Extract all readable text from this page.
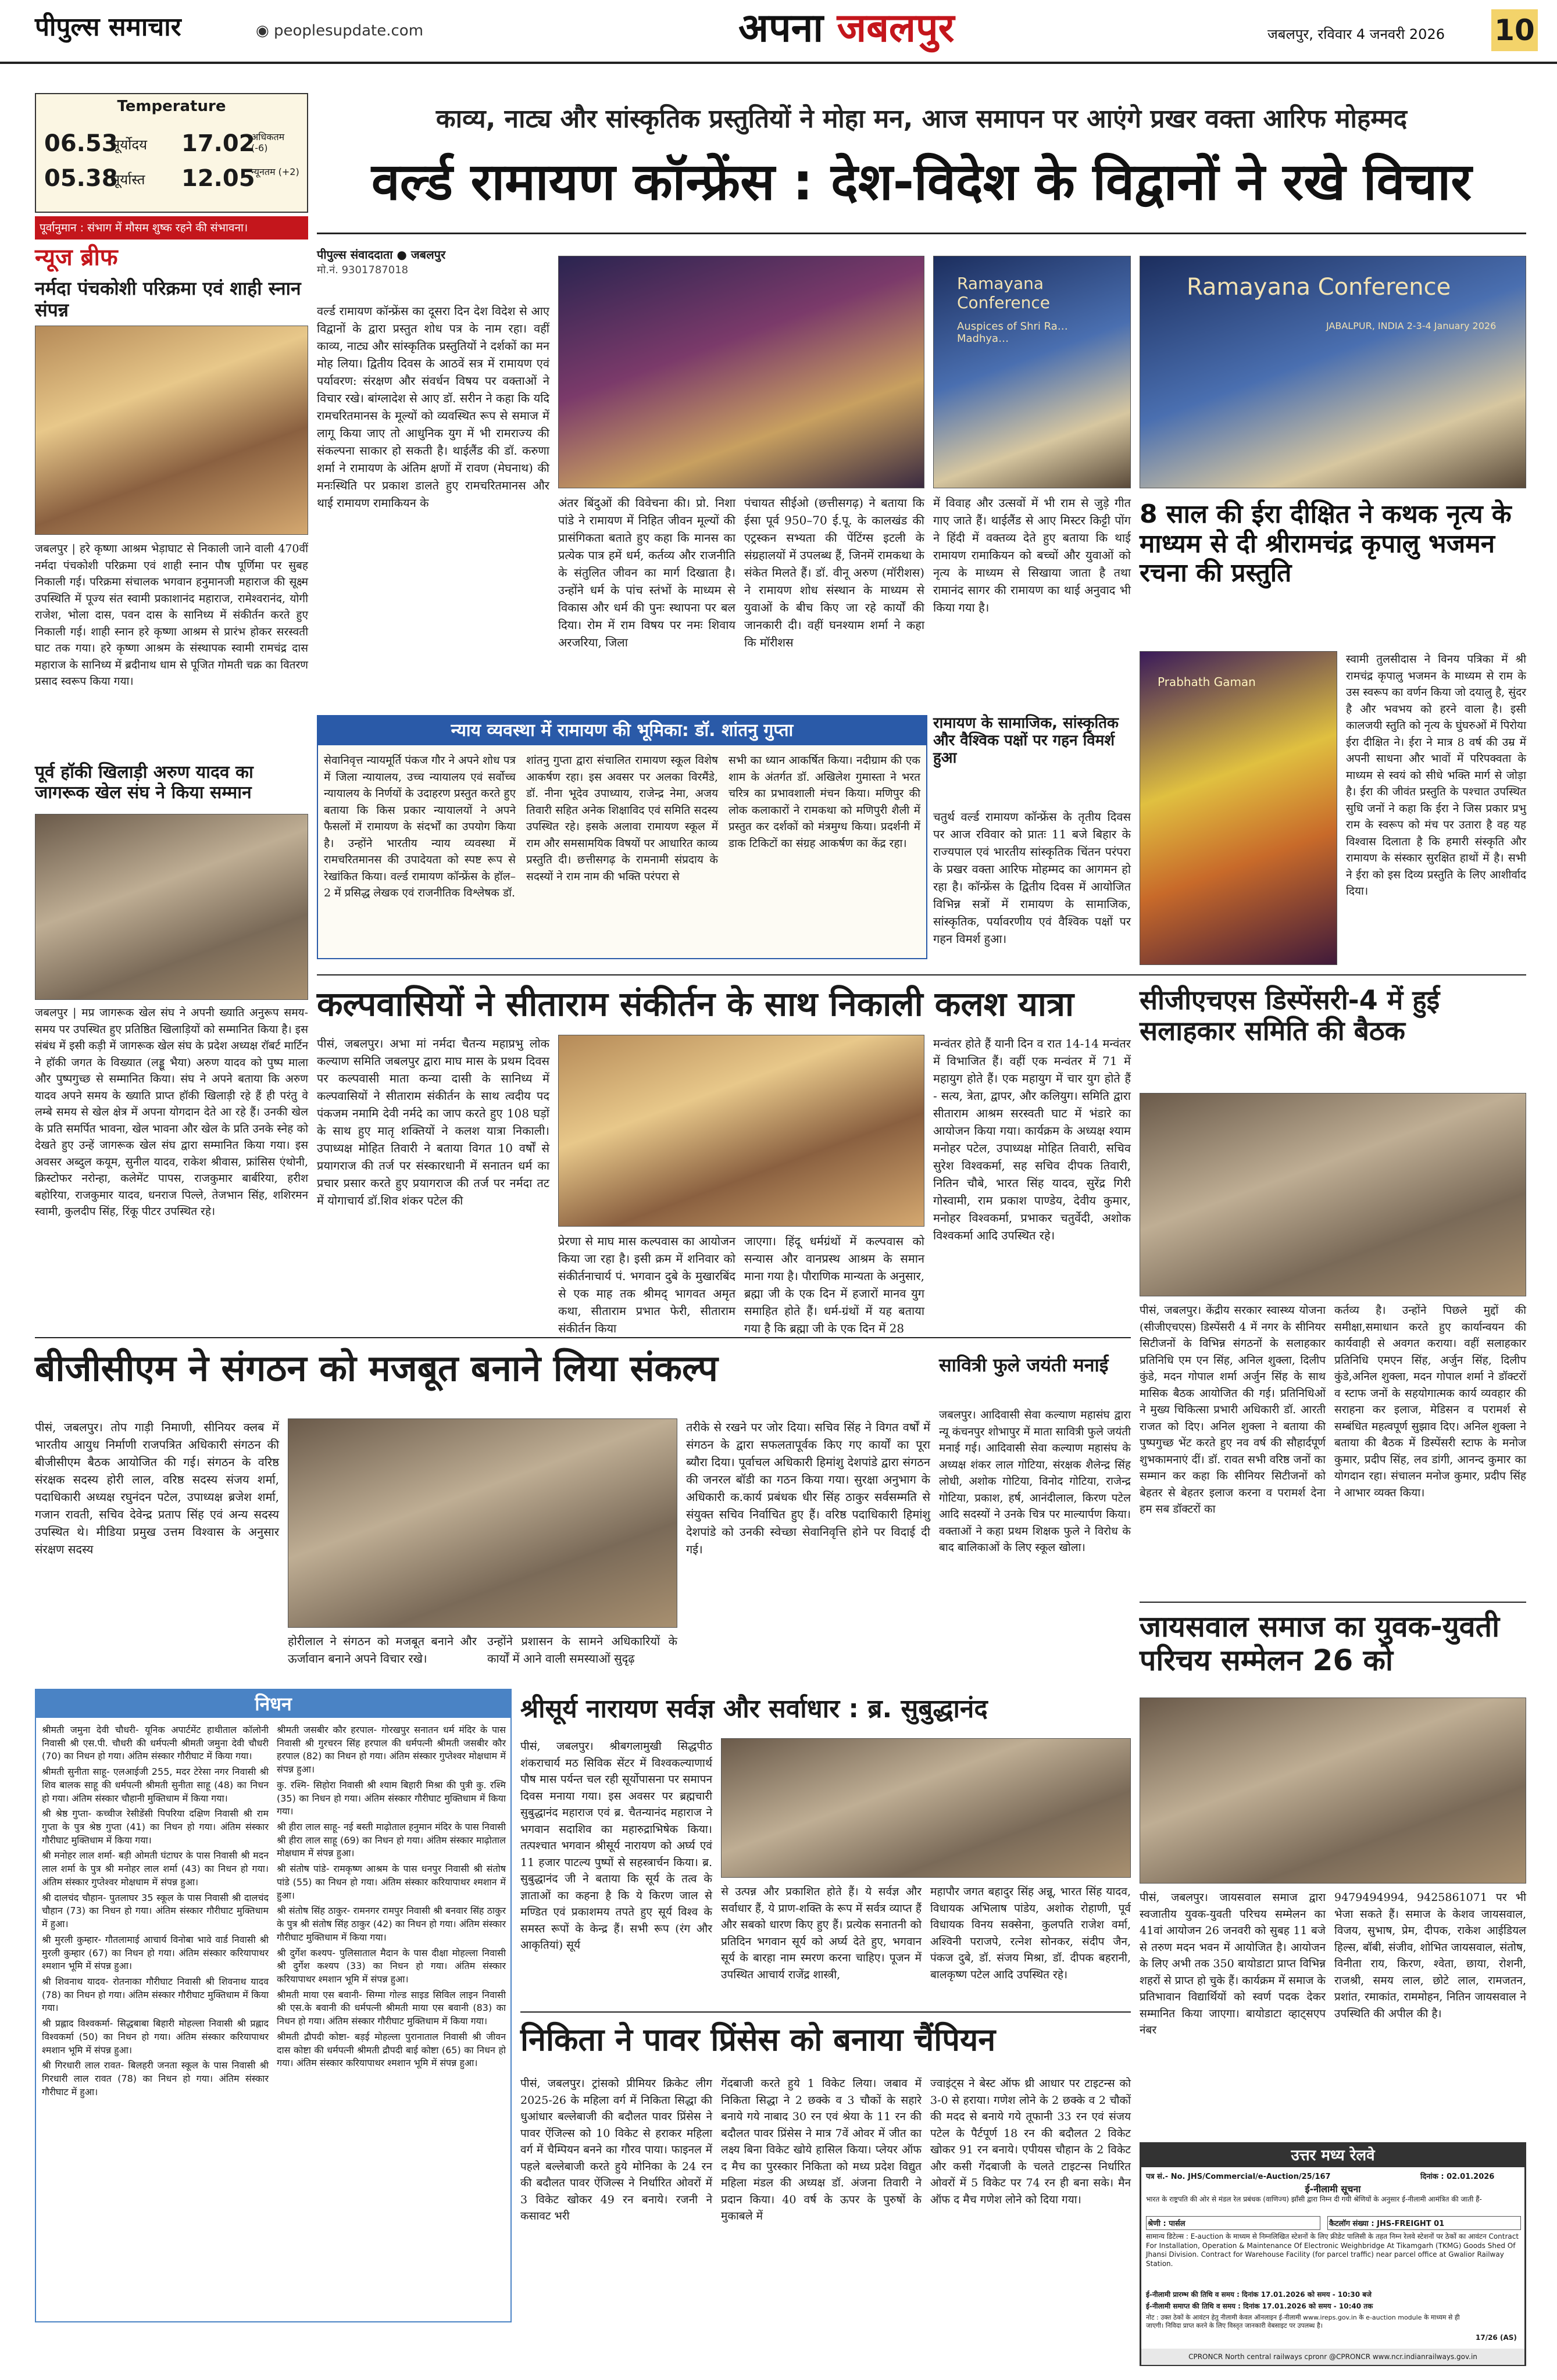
पीपुल्स समाचार	◉ peoplesupdate.com	अपना जबलपुर	जबलपुर, रविवार 4 जनवरी 2026 10
Temperature
06.53
सूर्योदय
05.38
सूर्यास्त
17.02
अधिकतम (-6)
12.05
न्यूनतम (+2)
पूर्वानुमान : संभाग में मौसम शुष्क रहने की संभावना।
न्यूज ब्रीफ
नर्मदा पंचकोशी परिक्रमा एवं शाही स्नान संपन्न
जबलपुर | हरे कृष्णा आश्रम भेड़ाघाट से निकाली जाने वाली 470वीं नर्मदा पंचकोशी परिक्रमा एवं शाही स्नान पौष पूर्णिमा पर सुबह निकाली गई। परिक्रमा संचालक भगवान हनुमानजी महाराज की सूक्ष्म उपस्थिति में पूज्य संत स्वामी प्रकाशानंद महाराज, रामेश्वरानंद, योगी राजेश, भोला दास, पवन दास के सानिध्य में संकीर्तन करते हुए निकाली गई। शाही स्नान हरे कृष्णा आश्रम से प्रारंभ होकर सरस्वती घाट तक गया। हरे कृष्णा आश्रम के संस्थापक स्वामी रामचंद्र दास महाराज के सानिध्य में ब्रदीनाथ धाम से पूजित गोमती चक्र का वितरण प्रसाद स्वरूप किया गया।
पूर्व हॉकी खिलाड़ी अरुण यादव का जागरूक खेल संघ ने किया सम्मान
जबलपुर | मप्र जागरूक खेल संघ ने अपनी ख्याति अनुरूप समय-समय पर उपस्थित हुए प्रतिष्ठित खिलाड़ियों को सम्मानित किया है। इस संबंध में इसी कड़ी में जागरूक खेल संघ के प्रदेश अध्यक्ष रॉबर्ट मार्टिन ने हॉकी जगत के विख्यात (लड्डू भैया) अरुण यादव को पुष्प माला और पुष्पगुच्छ से सम्मानित किया। संघ ने अपने बताया कि अरुण यादव अपने समय के ख्याति प्राप्त हॉकी खिलाड़ी रहे हैं ही परंतु वे लम्बे समय से खेल क्षेत्र में अपना योगदान देते आ रहे हैं। उनकी खेल के प्रति समर्पित भावना, खेल भावना और खेल के प्रति उनके स्नेह को देखते हुए उन्हें जागरूक खेल संघ द्वारा सम्मानित किया गया। इस अवसर अब्दुल कयूम, सुनील यादव, राकेश श्रीवास, फ्रांसिस एंथोनी, क्रिस्टोफर नरोन्हा, कलेमेंट पापस, राजकुमार बार्बरिया, हरीश बहोरिया, राजकुमार यादव, धनराज पिल्ले, तेजभान सिंह, शशिरमन स्वामी, कुलदीप सिंह, रिंकू पीटर उपस्थित रहे।
काव्य, नाट्य और सांस्कृतिक प्रस्तुतियों ने मोहा मन, आज समापन पर आएंगे प्रखर वक्ता आरिफ मोहम्मद
वर्ल्ड रामायण कॉन्फ्रेंस : देश-विदेश के विद्वानों ने रखे विचार
पीपुल्स संवाददाता ● जबलपुर
मो.नं. 9301787018
वर्ल्ड रामायण कॉन्फ्रेंस का दूसरा दिन देश विदेश से आए विद्वानों के द्वारा प्रस्तुत शोध पत्र के नाम रहा। वहीं काव्य, नाट्य और सांस्कृतिक प्रस्तुतियों ने दर्शकों का मन मोह लिया। द्वितीय दिवस के आठवें सत्र में रामायण एवं पर्यावरण: संरक्षण और संवर्धन विषय पर वक्ताओं ने विचार रखे। बांग्लादेश से आए डॉ. सरीन ने कहा कि यदि रामचरितमानस के मूल्यों को व्यवस्थित रूप से समाज में लागू किया जाए तो आधुनिक युग में भी रामराज्य की संकल्पना साकार हो सकती है। थाईलैंड की डॉ. करुणा शर्मा ने रामायण के अंतिम क्षणों में रावण (मेघनाथ) की मनःस्थिति पर प्रकाश डालते हुए रामचरितमानस और थाई रामायण रामाकियन के
Ramayana Conference
Auspices of Shri Ra… Madhya…
Ramayana Conference
JABALPUR, INDIA 2-3-4 January 2026
अंतर बिंदुओं की विवेचना की। प्रो. निशा पांडे ने रामायण में निहित जीवन मूल्यों की प्रासंगिकता बताते हुए कहा कि मानस का प्रत्येक पात्र हमें धर्म, कर्तव्य और राजनीति के संतुलित जीवन का मार्ग दिखाता है। उन्होंने धर्म के पांच स्तंभों के माध्यम से विकास और धर्म की पुनः स्थापना पर बल दिया। रोम में राम विषय पर नमः शिवाय अरजरिया, जिला
पंचायत सीईओ (छत्तीसगढ़) ने बताया कि ईसा पूर्व 950–70 ई.पू. के कालखंड की एट्रस्कन सभ्यता की पेंटिंग्स इटली के संग्रहालयों में उपलब्ध हैं, जिनमें रामकथा के संकेत मिलते हैं। डॉ. वीनू अरुण (मॉरीशस) ने रामायण शोध संस्थान के माध्यम से युवाओं के बीच किए जा रहे कार्यों की जानकारी दी। वहीं घनश्याम शर्मा ने कहा कि मॉरीशस
में विवाह और उत्सवों में भी राम से जुड़े गीत गाए जाते हैं। थाईलैंड से आए मिस्टर किट्टी पोंग ने हिंदी में वक्तव्य देते हुए बताया कि थाई रामायण रामाकियन को बच्चों और युवाओं को नृत्य के माध्यम से सिखाया जाता है तथा रामानंद सागर की रामायण का थाई अनुवाद भी किया गया है।
न्याय व्यवस्था में रामायण की भूमिका: डॉ. शांतनु गुप्ता
सेवानिवृत्त न्यायमूर्ति पंकज गौर ने अपने शोध पत्र में जिला न्यायालय, उच्च न्यायालय एवं सर्वोच्च न्यायालय के निर्णयों के उदाहरण प्रस्तुत करते हुए बताया कि किस प्रकार न्यायालयों ने अपने फैसलों में रामायण के संदर्भों का उपयोग किया है। उन्होंने भारतीय न्याय व्यवस्था में रामचरितमानस की उपादेयता को स्पष्ट रूप से रेखांकित किया। वर्ल्ड रामायण कॉन्फ्रेंस के हॉल–2 में प्रसिद्ध लेखक एवं राजनीतिक विश्लेषक डॉ.
शांतनु गुप्ता द्वारा संचालित रामायण स्कूल विशेष आकर्षण रहा। इस अवसर पर अलका विरमैंडे, डॉ. नीना भूदेव उपाध्याय, राजेन्द्र नेमा, अजय तिवारी सहित अनेक शिक्षाविद एवं समिति सदस्य उपस्थित रहे। इसके अलावा रामायण स्कूल में राम और समसामयिक विषयों पर आधारित काव्य प्रस्तुति दी। छत्तीसगढ़ के रामनामी संप्रदाय के सदस्यों ने राम नाम की भक्ति परंपरा से
सभी का ध्यान आकर्षित किया। नदीग्राम की एक शाम के अंतर्गत डॉ. अखिलेश गुमास्ता ने भरत चरित्र का प्रभावशाली मंचन किया। मणिपुर की लोक कलाकारों ने रामकथा को मणिपुरी शैली में प्रस्तुत कर दर्शकों को मंत्रमुग्ध किया। प्रदर्शनी में डाक टिकिटों का संग्रह आकर्षण का केंद्र रहा।
रामायण के सामाजिक, सांस्कृतिक और वैश्विक पक्षों पर गहन विमर्श हुआ
चतुर्थ वर्ल्ड रामायण कॉन्फ्रेंस के तृतीय दिवस पर आज रविवार को प्रातः 11 बजे बिहार के राज्यपाल एवं भारतीय सांस्कृतिक चिंतन परंपरा के प्रखर वक्ता आरिफ मोहम्मद का आगमन हो रहा है। कॉन्फ्रेंस के द्वितीय दिवस में आयोजित विभिन्न सत्रों में रामायण के सामाजिक, सांस्कृतिक, पर्यावरणीय एवं वैश्विक पक्षों पर गहन विमर्श हुआ।
8 साल की ईरा दीक्षित ने कथक नृत्य के माध्यम से दी श्रीरामचंद्र कृपालु भजमन रचना की प्रस्तुति
Prabhath Gaman
स्वामी तुलसीदास ने विनय पत्रिका में श्री रामचंद्र कृपालु भजमन के माध्यम से राम के उस स्वरूप का वर्णन किया जो दयालु है, सुंदर है और भवभय को हरने वाला है। इसी कालजयी स्तुति को नृत्य के घुंघरुओं में पिरोया ईरा दीक्षित ने। ईरा ने मात्र 8 वर्ष की उम्र में अपनी साधना और भावों में परिपक्वता के माध्यम से स्वयं को सीधे भक्ति मार्ग से जोड़ा है। ईरा की जीवंत प्रस्तुति के पश्चात उपस्थित सुधि जनों ने कहा कि ईरा ने जिस प्रकार प्रभु राम के स्वरूप को मंच पर उतारा है वह यह विश्वास दिलाता है कि हमारी संस्कृति और रामायण के संस्कार सुरक्षित हाथों में है। सभी ने ईरा को इस दिव्य प्रस्तुति के लिए आशीर्वाद दिया।
कल्पवासियों ने सीताराम संकीर्तन के साथ निकाली कलश यात्रा
पीसं, जबलपुर। अभा मां नर्मदा चैतन्य महाप्रभु लोक कल्याण समिति जबलपुर द्वारा माघ मास के प्रथम दिवस पर कल्पवासी माता कन्या दासी के सानिध्य में कल्पवासियों ने सीताराम संकीर्तन के साथ त्वदीय पद पंकजम नमामि देवी नर्मदे का जाप करते हुए 108 घड़ों के साथ हुए मातृ शक्तियों ने कलश यात्रा निकाली। उपाध्यक्ष मोहित तिवारी ने बताया विगत 10 वर्षों से प्रयागराज की तर्ज पर संस्कारधानी में सनातन धर्म का प्रचार प्रसार करते हुए प्रयागराज की तर्ज पर नर्मदा तट में योगाचार्य डॉ.शिव शंकर पटेल की
प्रेरणा से माघ मास कल्पवास का आयोजन किया जा रहा है। इसी क्रम में शनिवार को संकीर्तनाचार्य पं. भगवान दुबे के मुखारबिंद से एक माह तक श्रीमद् भागवत अमृत कथा, सीताराम प्रभात फेरी, सीताराम संकीर्तन किया
जाएगा। हिंदू धर्मग्रंथों में कल्पवास को सन्यास और वानप्रस्थ आश्रम के समान माना गया है। पौराणिक मान्यता के अनुसार, ब्रह्मा जी के एक दिन में हजारों मानव युग समाहित होते हैं। धर्म-ग्रंथों में यह बताया गया है कि ब्रह्मा जी के एक दिन में 28
मन्वंतर होते हैं यानी दिन व रात 14-14 मन्वंतर में विभाजित हैं। वहीं एक मन्वंतर में 71 में महायुग होते हैं। एक महायुग में चार युग होते हैं - सत्य, त्रेता, द्वापर, और कलियुग। समिति द्वारा सीताराम आश्रम सरस्वती घाट में भंडारे का आयोजन किया गया। कार्यक्रम के अध्यक्ष श्याम मनोहर पटेल, उपाध्यक्ष मोहित तिवारी, सचिव सुरेश विश्वकर्मा, सह सचिव दीपक तिवारी, नितिन चौबे, भारत सिंह यादव, सुरेंद्र गिरी गोस्वामी, राम प्रकाश पाण्डेय, देवीय कुमार, मनोहर विश्वकर्मा, प्रभाकर चतुर्वेदी, अशोक विश्वकर्मा आदि उपस्थित रहे।
सीजीएचएस डिस्पेंसरी-4 में हुई सलाहकार समिति की बैठक
पीसं, जबलपुर। केंद्रीय सरकार स्वास्थ्य योजना (सीजीएचएस) डिस्पेंसरी 4 में नगर के सीनियर सिटीजनों के विभिन्न संगठनों के सलाहकार प्रतिनिधि एम एन सिंह, अनिल शुक्ला, दिलीप कुंडे, मदन गोपाल शर्मा अर्जुन सिंह के साथ मासिक बैठक आयोजित की गई। प्रतिनिधिओं ने मुख्य चिकित्सा प्रभारी अधिकारी डॉ. आरती राजत को दिए। अनिल शुक्ला ने बताया की पुष्पगुच्छ भेंट करते हुए नव वर्ष की सौहार्दपूर्ण शुभकामनाएं दीं। डॉ. रावत सभी वरिष्ठ जनों का सम्मान कर कहा कि सीनियर सिटीजनों को बेहतर से बेहतर इलाज करना व परामर्श देना हम सब डॉक्टरों का
कर्तव्य है। उन्होंने पिछले मुद्दों की समीक्षा,समाधान करते हुए कार्यान्वयन की कार्यवाही से अवगत कराया। वहीं सलाहकार प्रतिनिधि एमएन सिंह, अर्जुन सिंह, दिलीप कुंडे,अनिल शुक्ला, मदन गोपाल शर्मा ने डॉक्टरों व स्टाफ जनों के सहयोगात्मक कार्य व्यवहार की सराहना कर इलाज, मेडिसन व परामर्श से सम्बंधित महत्वपूर्ण सुझाव दिए। अनिल शुक्ला ने बताया की बैठक में डिस्पेंसरी स्टाफ के मनोज कुमार, प्रदीप सिंह, लव डांगी, आनन्द कुमार का योगदान रहा। संचालन मनोज कुमार, प्रदीप सिंह ने आभार व्यक्त किया।
बीजीसीएम ने संगठन को मजबूत बनाने लिया संकल्प
पीसं, जबलपुर। तोप गाड़ी निमाणी, सीनियर क्लब में भारतीय आयुध निर्माणी राजपत्रित अधिकारी संगठन की बीजीसीएम बैठक आयोजित की गई। संगठन के वरिष्ठ संरक्षक सदस्य होरी लाल, वरिष्ठ सदस्य संजय शर्मा, पदाधिकारी अध्यक्ष रघुनंदन पटेल, उपाध्यक्ष ब्रजेश शर्मा, गजान रावती, सचिव देवेन्द्र प्रताप सिंह एवं अन्य सदस्य उपस्थित थे। मीडिया प्रमुख उत्तम विश्वास के अनुसार संरक्षण सदस्य
होरीलाल ने संगठन को मजबूत बनाने और ऊर्जावान बनाने अपने विचार रखे।
उन्होंने प्रशासन के सामने अधिकारियों के कार्यों में आने वाली समस्याओं सुदृढ़
तरीके से रखने पर जोर दिया। सचिव सिंह ने विगत वर्षों में संगठन के द्वारा सफलतापूर्वक किए गए कार्यों का पूरा ब्यौरा दिया। पूर्वाचल अधिकारी हिमांशु देशपांडे द्वारा संगठन की जनरल बॉडी का गठन किया गया। सुरक्षा अनुभाग के अधिकारी क.कार्य प्रबंधक धीर सिंह ठाकुर सर्वसम्मति से संयुक्त सचिव निर्वाचित हुए हैं। वरिष्ठ पदाधिकारी हिमांशु देशपांडे को उनकी स्वेच्छा सेवानिवृत्ति होने पर विदाई दी गई।
सावित्री फुले जयंती मनाई
जबलपुर। आदिवासी सेवा कल्याण महासंघ द्वारा न्यू कंचनपुर शोभापुर में माता सावित्री फुले जयंती मनाई गई। आदिवासी सेवा कल्याण महासंघ के अध्यक्ष शंकर लाल गोटिया, संरक्षक शैलेन्द्र सिंह लोधी, अशोक गोटिया, विनोद गोटिया, राजेन्द्र गोटिया, प्रकाश, हर्ष, आनंदीलाल, किरण पटेल आदि सदस्यों ने उनके चित्र पर माल्यार्पण किया। वक्ताओं ने कहा प्रथम शिक्षक फुले ने विरोध के बाद बालिकाओं के लिए स्कूल खोला।
जायसवाल समाज का युवक-युवती परिचय सम्मेलन 26 को
पीसं, जबलपुर। जायसवाल समाज द्वारा स्वजातीय युवक-युवती परिचय सम्मेलन का 41वां आयोजन 26 जनवरी को सुबह 11 बजे से तरुण मदन भवन में आयोजित है। आयोजन के लिए अभी तक 350 बायोडाटा प्राप्त विभिन्न शहरों से प्राप्त हो चुके हैं। कार्यक्रम में समाज के प्रतिभावान विद्यार्थियों को स्वर्ण पदक देकर सम्मानित किया जाएगा। बायोडाटा व्हाट्सएप नंबर
9479494994, 9425861071 पर भी भेजा सकते हैं। समाज के केशव जायसवाल, विजय, सुभाष, प्रेम, दीपक, राकेश आईडियल हिल्स, बॉबी, संजीव, शोभित जायसवाल, संतोष, विनीता राय, किरण, श्वेता, छाया, रोशनी, राजश्री, समय लाल, छोटे लाल, रामजतन, प्रशांत, रमाकांत, राममोहन, नितिन जायसवाल ने उपस्थिति की अपील की है।
निधन
श्रीमती जमुना देवी चौधरी- यूनिक अपार्टमेंट हाथीताल कॉलोनी निवासी श्री एस.पी. चौधरी की धर्मपत्नी श्रीमती जमुना देवी चौधरी (70) का निधन हो गया। अंतिम संस्कार गौरीघाट में किया गया।
श्रीमती सुनीता साहू- एलआईजी 255, मदर टेरेसा नगर निवासी श्री शिव बालक साहू की धर्मपत्नी श्रीमती सुनीता साहू (48) का निधन हो गया। अंतिम संस्कार चौहानी मुक्तिधाम में किया गया।
श्री श्रेष्ठ गुप्ता- कच्चीज रेसीडेंसी पिपरिया दक्षिण निवासी श्री राम गुप्ता के पुत्र श्रेष्ठ गुप्ता (41) का निधन हो गया। अंतिम संस्कार गौरीघाट मुक्तिधाम में किया गया।
श्री मनोहर लाल शर्मा- बड़ी ओमती घंटाघर के पास निवासी श्री मदन लाल शर्मा के पुत्र श्री मनोहर लाल शर्मा (43) का निधन हो गया। अंतिम संस्कार गुप्तेश्वर मोक्षधाम में संपन्न हुआ।
श्री दालचंद चौहान- पुतलाघर 35 स्कूल के पास निवासी श्री दालचंद चौहान (73) का निधन हो गया। अंतिम संस्कार गौरीघाट मुक्तिधाम में हुआ।
श्री मुरली कुम्हार- गौतलामाई आचार्य विनोबा भावे वार्ड निवासी श्री मुरली कुम्हार (67) का निधन हो गया। अंतिम संस्कार करियापाथर श्मशान भूमि में संपन्न हुआ।
श्री शिवनाथ यादव- रोतनाका गौरीघाट निवासी श्री शिवनाथ यादव (78) का निधन हो गया। अंतिम संस्कार गौरीघाट मुक्तिधाम में किया गया।
श्री प्रह्लाद विश्वकर्मा- सिद्धबाबा बिहारी मोहल्ला निवासी श्री प्रह्लाद विश्वकर्मा (50) का निधन हो गया। अंतिम संस्कार करियापाथर श्मशान भूमि में संपन्न हुआ।
श्री गिरधारी लाल रावत- बिलहरी जनता स्कूल के पास निवासी श्री गिरधारी लाल रावत (78) का निधन हो गया। अंतिम संस्कार गौरीघाट में हुआ।
श्रीमती जसबीर कौर हरपाल- गोरखपुर सनातन धर्म मंदिर के पास निवासी श्री गुरचरन सिंह हरपाल की धर्मपत्नी श्रीमती जसबीर कौर हरपाल (82) का निधन हो गया। अंतिम संस्कार गुप्तेश्वर मोक्षधाम में संपन्न हुआ।
कु. रश्मि- सिहोरा निवासी श्री श्याम बिहारी मिश्रा की पुत्री कु. रश्मि (35) का निधन हो गया। अंतिम संस्कार गौरीघाट मुक्तिधाम में किया गया।
श्री हीरा लाल साहू- नई बस्ती माढ़ोताल हनुमान मंदिर के पास निवासी श्री हीरा लाल साहू (69) का निधन हो गया। अंतिम संस्कार माढ़ोताल मोक्षधाम में संपन्न हुआ।
श्री संतोष पांडे- रामकृष्ण आश्रम के पास धनपुर निवासी श्री संतोष पांडे (55) का निधन हो गया। अंतिम संस्कार करियापाथर श्मशान में हुआ।
श्री संतोष सिंह ठाकुर- रामनगर रामपुर निवासी श्री बनवार सिंह ठाकुर के पुत्र श्री संतोष सिंह ठाकुर (42) का निधन हो गया। अंतिम संस्कार गौरीघाट मुक्तिधाम में किया गया।
श्री दुर्गेश कश्यप- पुलिसाताल मैदान के पास दीक्षा मोहल्ला निवासी श्री दुर्गेश कश्यप (33) का निधन हो गया। अंतिम संस्कार करियापाथर श्मशान भूमि में संपन्न हुआ।
श्रीमती माया एस बवानी- सिग्मा गोल्ड साइड सिविल लाइन निवासी श्री एस.के बवानी की धर्मपत्नी श्रीमती माया एस बवानी (83) का निधन हो गया। अंतिम संस्कार गौरीघाट मुक्तिधाम में किया गया।
श्रीमती द्रौपदी कोष्टा- बड़ई मोहल्ला पुरानाताल निवासी श्री जीवन दास कोष्टा की धर्मपत्नी श्रीमती द्रौपदी बाई कोष्टा (65) का निधन हो गया। अंतिम संस्कार करियापाथर श्मशान भूमि में संपन्न हुआ।
श्रीसूर्य नारायण सर्वज्ञ और सर्वाधार : ब्र. सुबुद्धानंद
पीसं, जबलपुर। श्रीबगलामुखी सिद्धपीठ शंकराचार्य मठ सिविक सेंटर में विश्वकल्याणार्थ पौष मास पर्यन्त चल रही सूर्योपासना पर समापन दिवस मनाया गया। इस अवसर पर ब्रह्मचारी सुबुद्धानंद महाराज एवं ब्र. चैतन्यानंद महाराज ने भगवान सदाशिव का महारुद्राभिषेक किया। तत्पश्चात भगवान श्रीसूर्य नारायण को अर्घ्य एवं 11 हजार पाटल्य पुष्पों से सहस्त्रार्चन किया। ब्र. सुबुद्धानंद जी ने बताया कि सूर्य के तत्व के ज्ञाताओं का कहना है कि ये किरण जाल से मण्डित एवं प्रकाशमय तपते हुए सूर्य विश्व के समस्त रूपों के केन्द्र हैं। सभी रूप (रंग और आकृतियां) सूर्य
से उत्पन्न और प्रकाशित होते हैं। ये सर्वज्ञ और सर्वाधार हैं, ये प्राण-शक्ति के रूप में सर्वत्र व्याप्त हैं और सबको धारण किए हुए हैं। प्रत्येक सनातनी को प्रतिदिन भगवान सूर्य को अर्घ्य देते हुए, भगवान सूर्य के बारहा नाम स्मरण करना चाहिए। पूजन में उपस्थित आचार्य राजेंद्र शास्त्री,
महापौर जगत बहादुर सिंह अन्नू, भारत सिंह यादव, विधायक अभिलाष पांडेय, अशोक रोहाणी, पूर्व विधायक विनय सक्सेना, कुलपति राजेश वर्मा, अश्विनी पराजपे, रत्नेश सोनकर, संदीप जैन, पंकज दुबे, डॉ. संजय मिश्रा, डॉ. दीपक बहरानी, बालकृष्ण पटेल आदि उपस्थित रहे।
निकिता ने पावर प्रिंसेस को बनाया चैंपियन
पीसं, जबलपुर। ट्रांसको प्रीमियर क्रिकेट लीग 2025-26 के महिला वर्ग में निकिता सिद्धा की धुआंधार बल्लेबाजी की बदौलत पावर प्रिंसेस ने पावर ऐंजिल्स को 10 विकेट से हराकर महिला वर्ग में चैम्पियन बनने का गौरव पाया। फाइनल में पहले बल्लेबाजी करते हुये मोनिका के 24 रन की बदौलत पावर ऐंजिल्स ने निर्धारित ओवरों में 3 विकेट खोकर 49 रन बनाये। रजनी ने कसावट भरी
गेंदबाजी करते हुये 1 विकेट लिया। जबाव में निकिता सिद्धा ने 2 छक्के व 3 चौकों के सहारे बनाये गये नाबाद 30 रन एवं श्रेया के 11 रन की बदौलत पावर प्रिंसेस ने मात्र 7वें ओवर में जीत का लक्ष्य बिना विकेट खोये हासिल किया। प्लेयर ऑफ द मैच का पुरस्कार निकिता को मध्य प्रदेश विद्युत महिला मंडल की अध्यक्ष डॉ. अंजना तिवारी ने प्रदान किया। 40 वर्ष के ऊपर के पुरुषों के मुकाबले में
ज्वाइंट्स ने बेस्ट ऑफ थ्री आधार पर टाइटन्स को 3-0 से हराया। गणेश लोने के 2 छक्के व 2 चौकों की मदद से बनाये गये तूफानी 33 रन एवं संजय पटेल के पैर्टपूर्ण 18 रन की बदौलत 2 विकेट खोकर 91 रन बनाये। एपीयस चौहान के 2 विकेट और कसी गेंदबाजी के चलते टाइटन्स निर्धारित ओवरों में 5 विकेट पर 74 रन ही बना सके। मैन ऑफ द मैच गणेश लोने को दिया गया।
उत्तर मध्य रेलवे
पत्र सं.- No. JHS/Commercial/e-Auction/25/167	दिनांक : 02.01.2026
ई-नीलामी सूचना
भारत के राष्ट्रपति की ओर से मंडल रेल प्रबंधक (वाणिज्य) झाँसी द्वारा निम्न दी गयी श्रेणियों के अनुसार ई-नीलामी आमंत्रित की जाती हैं-
श्रेणी : पार्सल	कैटलॉग संख्या : JHS-FREIGHT 01
सामान्य डिटेल्स : E-auction के माध्यम से निम्नलिखित स्टेशनों के लिए फ्रीडेट पालिसी के तहत निम्न रेलवे स्टेशनों पर ठेकों का आवंटन Contract For Installation, Operation & Maintenance Of Electronic Weighbridge At Tikamgarh (TKMG) Goods Shed Of Jhansi Division. Contract for Warehouse Facility (for parcel traffic) near parcel office at Gwalior Railway Station.
ई-नीलामी प्रारम्भ की तिथि व समय : दिनांक 17.01.2026 को समय - 10:30 बजे
ई-नीलामी समाप्त की तिथि व समय : दिनांक 17.01.2026 को समय - 10:40 तक
नोट : उक्त ठेकों के आवंटन हेतु नीलामी केवल ऑनलाइन ई-नीलामी www.ireps.gov.in के e-auction module के माध्यम से ही जाएगी। निविदा प्राप्त करने के लिए विस्तृत जानकारी वेबसाइट पर उपलब्ध है।
17/26 (AS)
CPRONCR North central railways cpronr @CPRONCR www.ncr.indianrailways.gov.in
